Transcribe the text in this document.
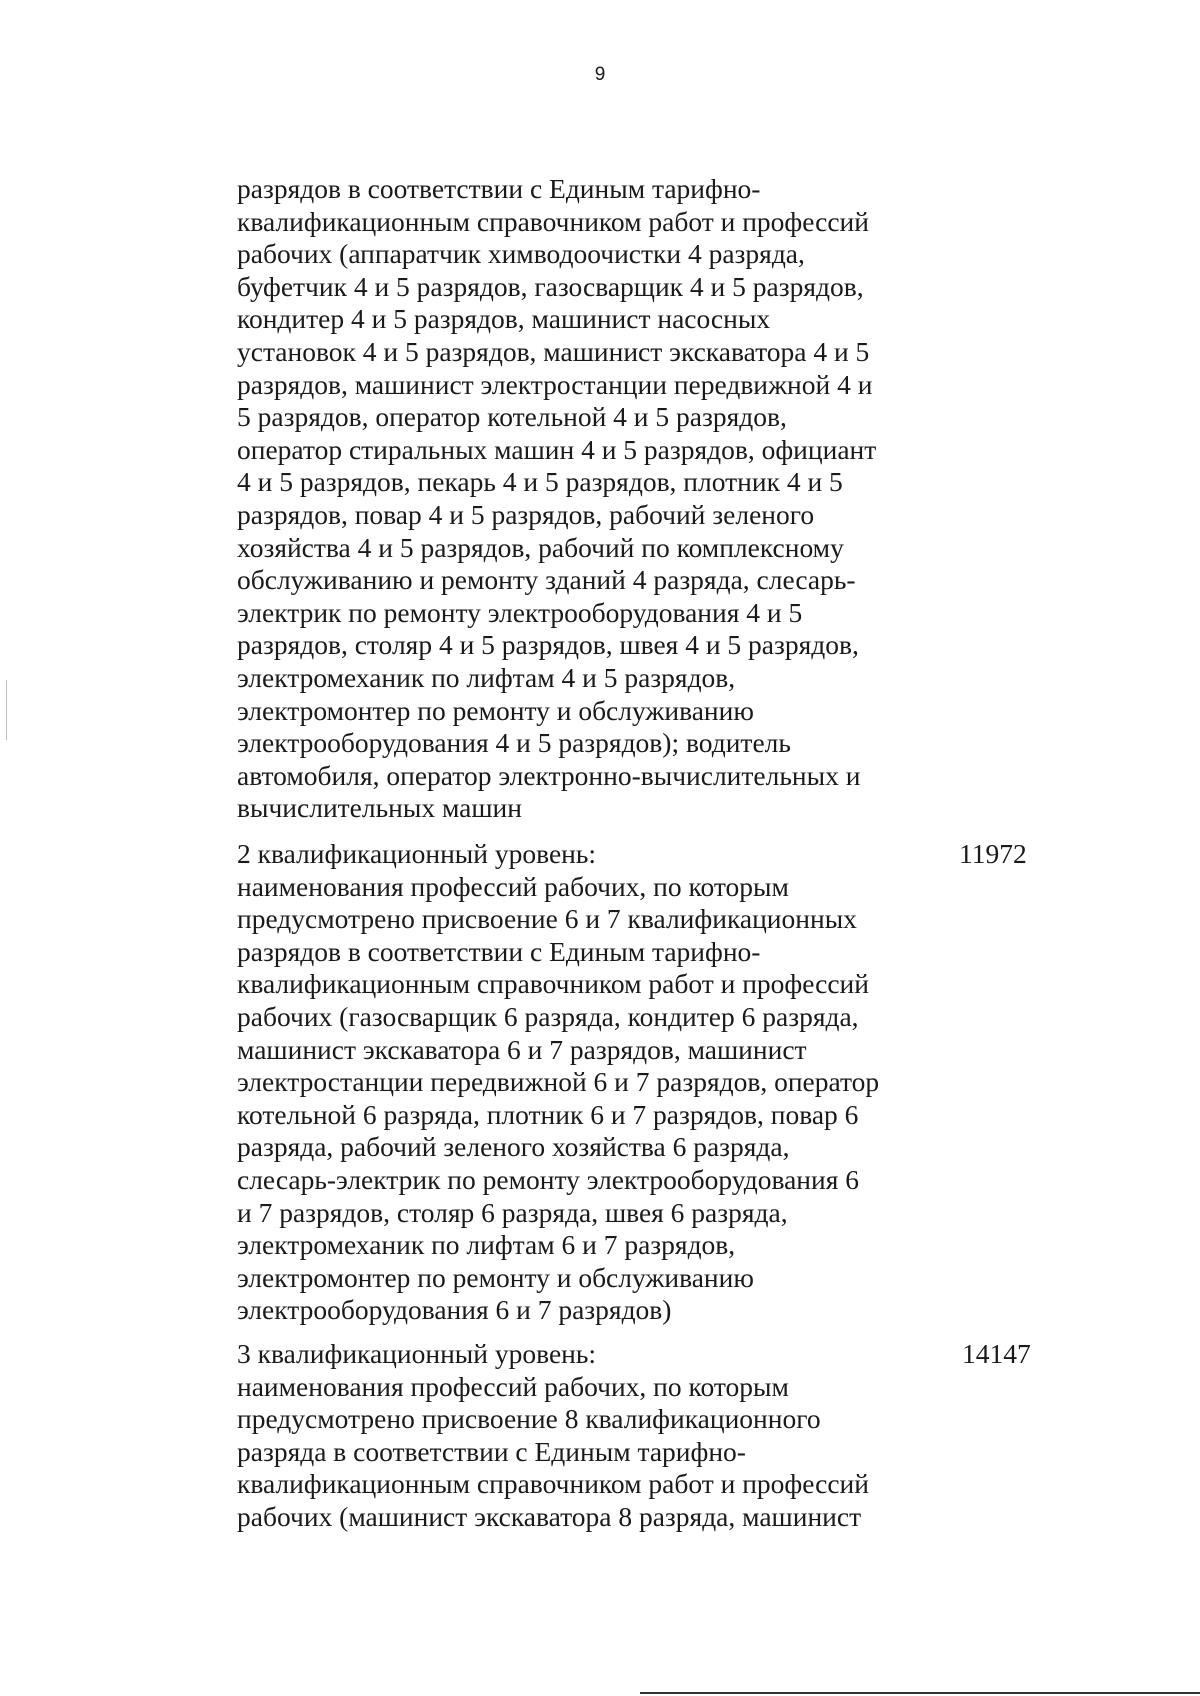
9
разрядов в соответствии с Единым тарифно-
квалификационным справочником работ и профессий
рабочих (аппаратчик химводоочистки 4 разряда,
буфетчик 4 и 5 разрядов, газосварщик 4 и 5 разрядов,
кондитер 4 и 5 разрядов, машинист насосных
установок 4 и 5 разрядов, машинист экскаватора 4 и 5
разрядов, машинист электростанции передвижной 4 и
5 разрядов, оператор котельной 4 и 5 разрядов,
оператор стиральных машин 4 и 5 разрядов, официант
4 и 5 разрядов, пекарь 4 и 5 разрядов, плотник 4 и 5
разрядов, повар 4 и 5 разрядов, рабочий зеленого
хозяйства 4 и 5 разрядов, рабочий по комплексному
обслуживанию и ремонту зданий 4 разряда, слесарь-
электрик по ремонту электрооборудования 4 и 5
разрядов, столяр 4 и 5 разрядов, швея 4 и 5 разрядов,
электромеханик по лифтам 4 и 5 разрядов,
электромонтер по ремонту и обслуживанию
электрооборудования 4 и 5 разрядов); водитель
автомобиля, оператор электронно-вычислительных и
вычислительных машин
2 квалификационный уровень:
наименования профессий рабочих, по которым
предусмотрено присвоение 6 и 7 квалификационных
разрядов в соответствии с Единым тарифно-
квалификационным справочником работ и профессий
рабочих (газосварщик 6 разряда, кондитер 6 разряда,
машинист экскаватора 6 и 7 разрядов, машинист
электростанции передвижной 6 и 7 разрядов, оператор
котельной 6 разряда, плотник 6 и 7 разрядов, повар 6
разряда, рабочий зеленого хозяйства 6 разряда,
слесарь-электрик по ремонту электрооборудования 6
и 7 разрядов, столяр 6 разряда, швея 6 разряда,
электромеханик по лифтам 6 и 7 разрядов,
электромонтер по ремонту и обслуживанию
электрооборудования 6 и 7 разрядов)
11972
3 квалификационный уровень:
наименования профессий рабочих, по которым
предусмотрено присвоение 8 квалификационного
разряда в соответствии с Единым тарифно-
квалификационным справочником работ и профессий
рабочих (машинист экскаватора 8 разряда, машинист
14147
